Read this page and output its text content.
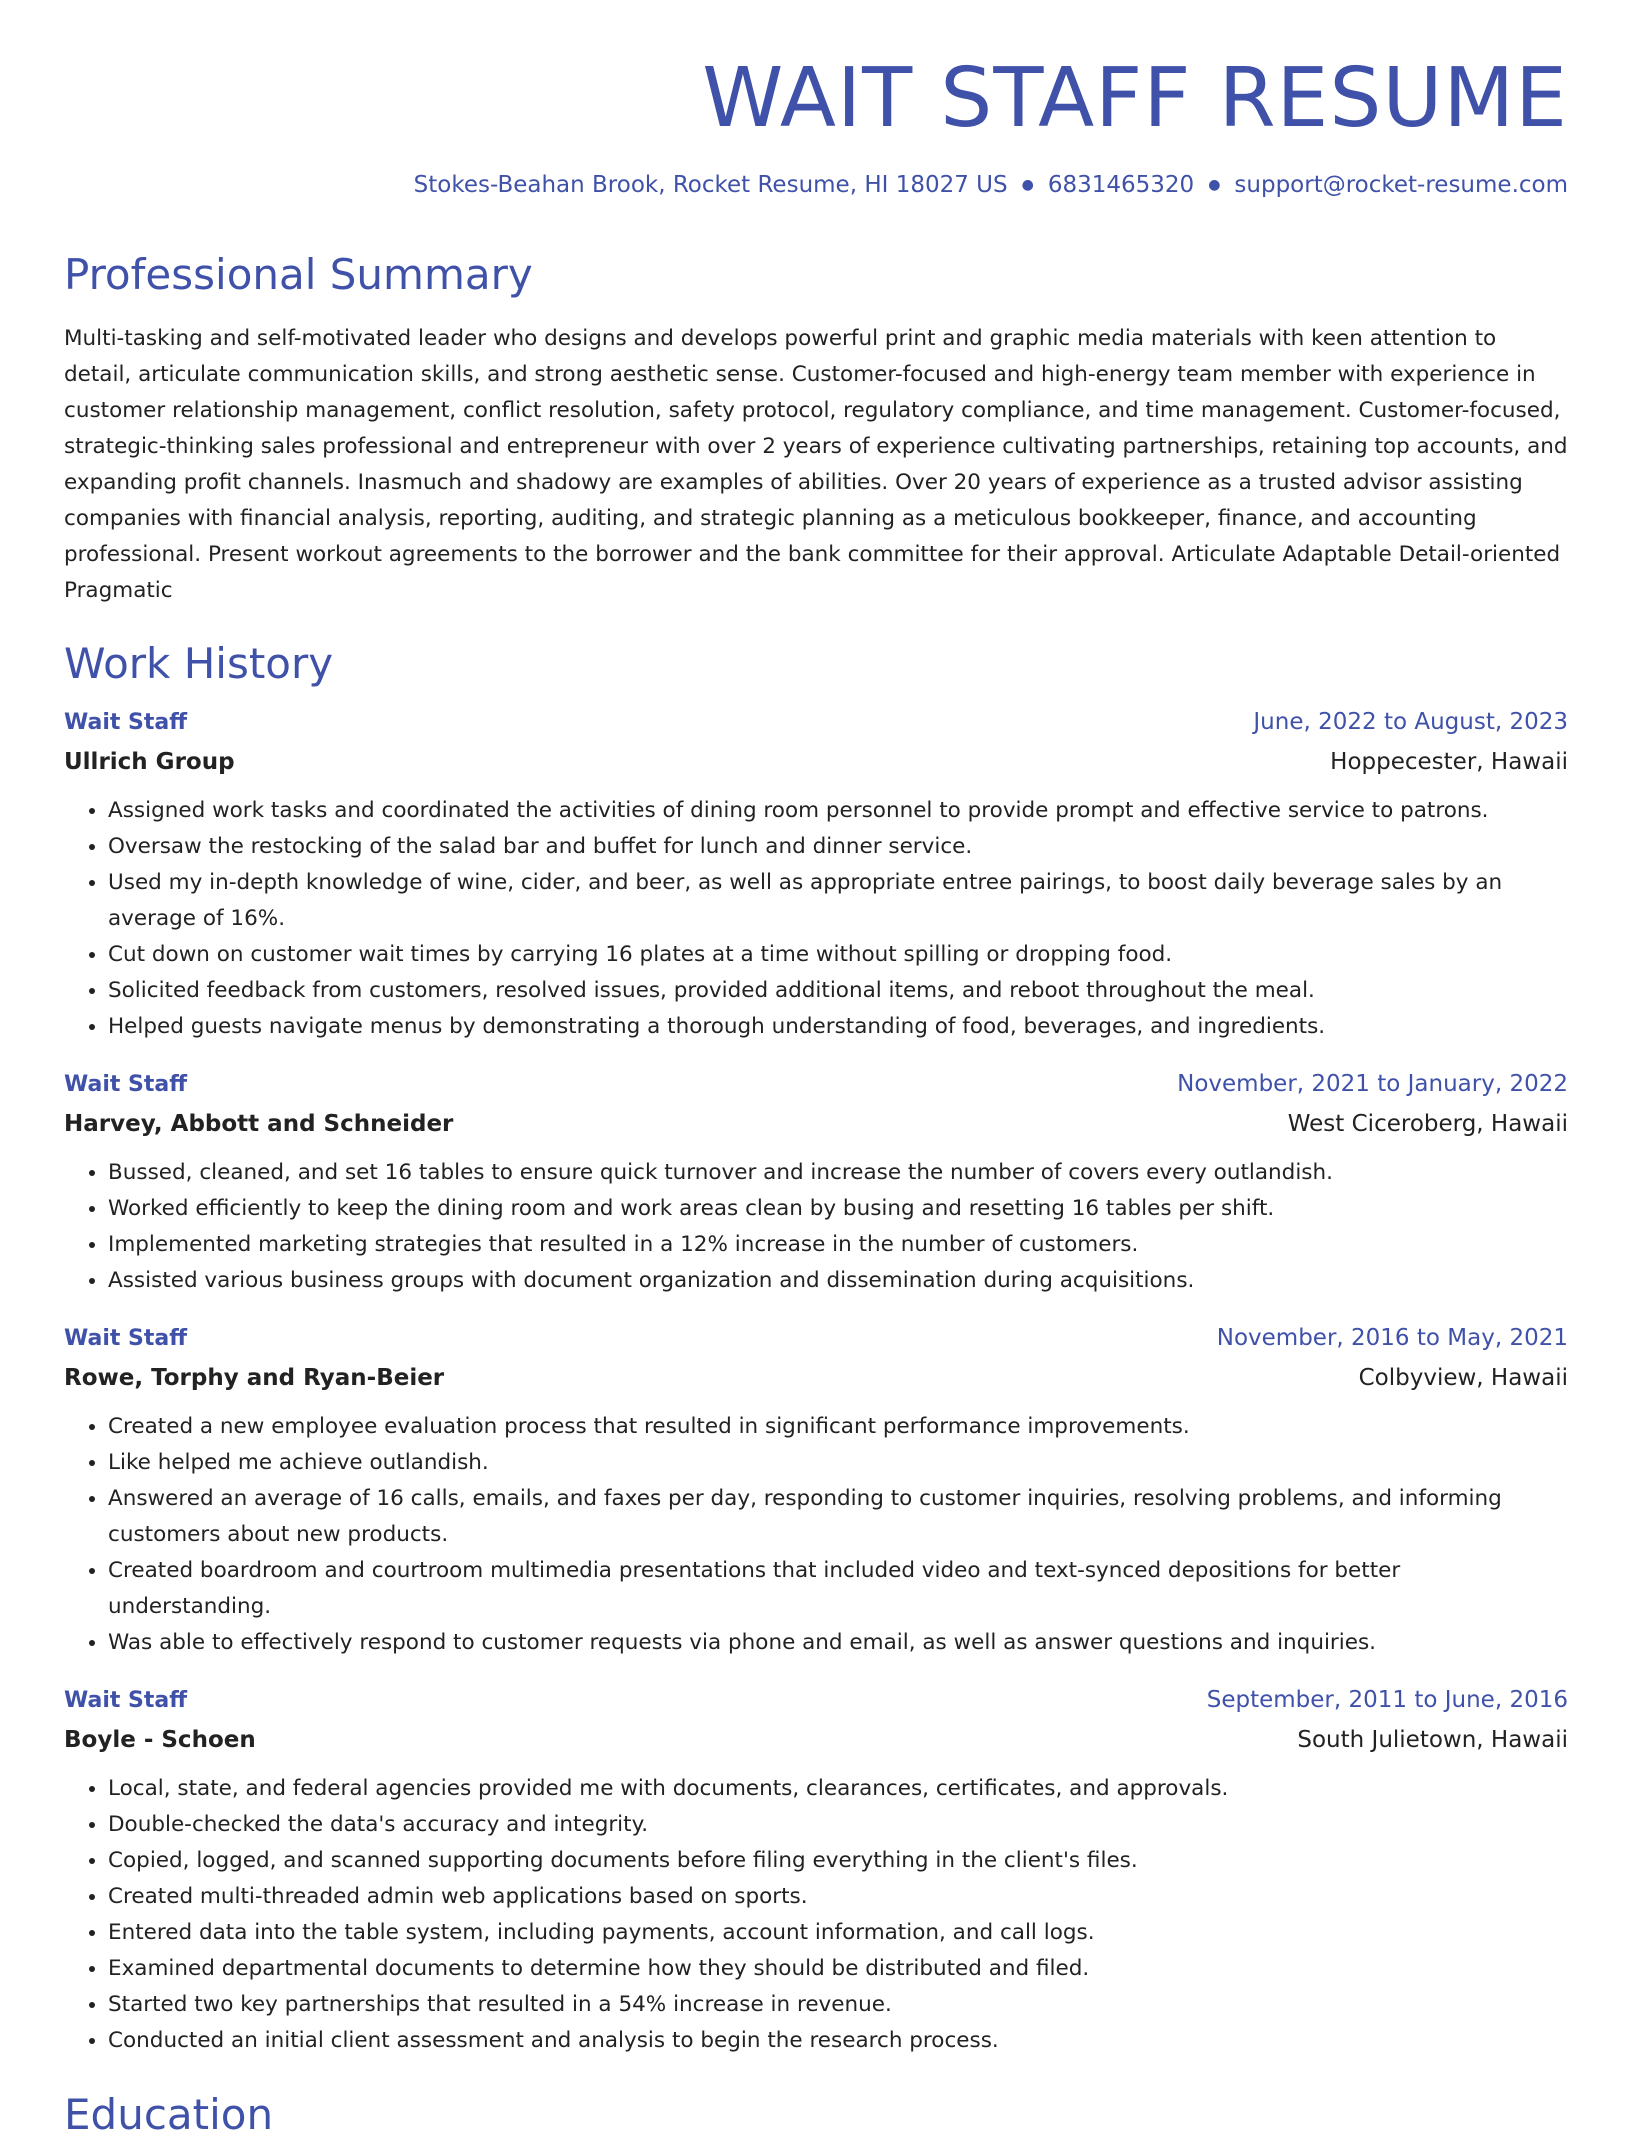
WAIT STAFF RESUME
Stokes-Beahan Brook, Rocket Resume, HI 18027 US ● 6831465320 ● support@rocket-resume.com
Professional Summary
Multi-tasking and self-motivated leader who designs and develops powerful print and graphic media materials with keen attention to detail, articulate communication skills, and strong aesthetic sense. Customer-focused and high-energy team member with experience in customer relationship management, conflict resolution, safety protocol, regulatory compliance, and time management. Customer-focused, strategic-thinking sales professional and entrepreneur with over 2 years of experience cultivating partnerships, retaining top accounts, and expanding profit channels. Inasmuch and shadowy are examples of abilities. Over 20 years of experience as a trusted advisor assisting companies with financial analysis, reporting, auditing, and strategic planning as a meticulous bookkeeper, finance, and accounting professional. Present workout agreements to the borrower and the bank committee for their approval. Articulate Adaptable Detail-oriented Pragmatic
Work History
Wait Staff	June, 2022 to August, 2023
Ullrich Group	Hoppecester, Hawaii
• Assigned work tasks and coordinated the activities of dining room personnel to provide prompt and effective service to patrons.
• Oversaw the restocking of the salad bar and buffet for lunch and dinner service.
• Used my in-depth knowledge of wine, cider, and beer, as well as appropriate entree pairings, to boost daily beverage sales by an average of 16%.
• Cut down on customer wait times by carrying 16 plates at a time without spilling or dropping food.
• Solicited feedback from customers, resolved issues, provided additional items, and reboot throughout the meal.
• Helped guests navigate menus by demonstrating a thorough understanding of food, beverages, and ingredients.
Wait Staff	November, 2021 to January, 2022
Harvey, Abbott and Schneider	West Ciceroberg, Hawaii
• Bussed, cleaned, and set 16 tables to ensure quick turnover and increase the number of covers every outlandish.
• Worked efficiently to keep the dining room and work areas clean by busing and resetting 16 tables per shift.
• Implemented marketing strategies that resulted in a 12% increase in the number of customers.
• Assisted various business groups with document organization and dissemination during acquisitions.
Wait Staff	November, 2016 to May, 2021
Rowe, Torphy and Ryan-Beier	Colbyview, Hawaii
• Created a new employee evaluation process that resulted in significant performance improvements.
• Like helped me achieve outlandish.
• Answered an average of 16 calls, emails, and faxes per day, responding to customer inquiries, resolving problems, and informing customers about new products.
• Created boardroom and courtroom multimedia presentations that included video and text-synced depositions for better understanding.
• Was able to effectively respond to customer requests via phone and email, as well as answer questions and inquiries.
Wait Staff	September, 2011 to June, 2016
Boyle - Schoen	South Julietown, Hawaii
• Local, state, and federal agencies provided me with documents, clearances, certificates, and approvals.
• Double-checked the data's accuracy and integrity.
• Copied, logged, and scanned supporting documents before filing everything in the client's files.
• Created multi-threaded admin web applications based on sports.
• Entered data into the table system, including payments, account information, and call logs.
• Examined departmental documents to determine how they should be distributed and filed.
• Started two key partnerships that resulted in a 54% increase in revenue.
• Conducted an initial client assessment and analysis to begin the research process.
Education
